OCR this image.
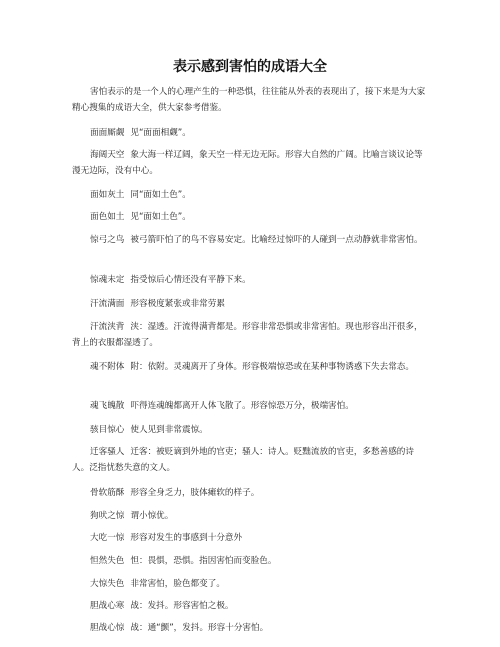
表示感到害怕的成语大全

害怕表示的是一个人的心理产生的一种恐惧，往往能从外表的表现出了，接下来是为大家精心搜集的成语大全，供大家参考借鉴。

面面厮觑 见“面面相觑”。

海阔天空 象大海一样辽阔，象天空一样无边无际。形容大自然的广阔。比喻言谈议论等漫无边际，没有中心。

面如灰土 同“面如土色”。

面色如土 见“面如土色”。

惊弓之鸟 被弓箭吓怕了的鸟不容易安定。比喻经过惊吓的人碰到一点动静就非常害怕。

惊魂未定 指受惊后心情还没有平静下来。

汗流满面 形容极度紧张或非常劳累

汗流浃背 浃：湿透。汗流得满背都是。形容非常恐惧或非常害怕。现也形容出汗很多，背上的衣服都湿透了。

魂不附体 附：依附。灵魂离开了身体。形容极端惊恐或在某种事物诱惑下失去常态。

魂飞魄散 吓得连魂魄都离开人体飞散了。形容惊恐万分，极端害怕。

骇目惊心 使人见到非常震惊。

迁客骚人 迁客：被贬谪到外地的官吏；骚人：诗人。贬黜流放的官吏，多愁善感的诗人。泛指忧愁失意的文人。

骨软筋酥 形容全身乏力，肢体瘫软的样子。

狗吠之惊 谓小惊优。

大吃一惊 形容对发生的事感到十分意外

怛然失色 怛：畏惧，恐惧。指因害怕而变脸色。

大惊失色 非常害怕，脸色都变了。

胆战心寒 战：发抖。形容害怕之极。

胆战心惊 战：通“颤”，发抖。形容十分害怕。
